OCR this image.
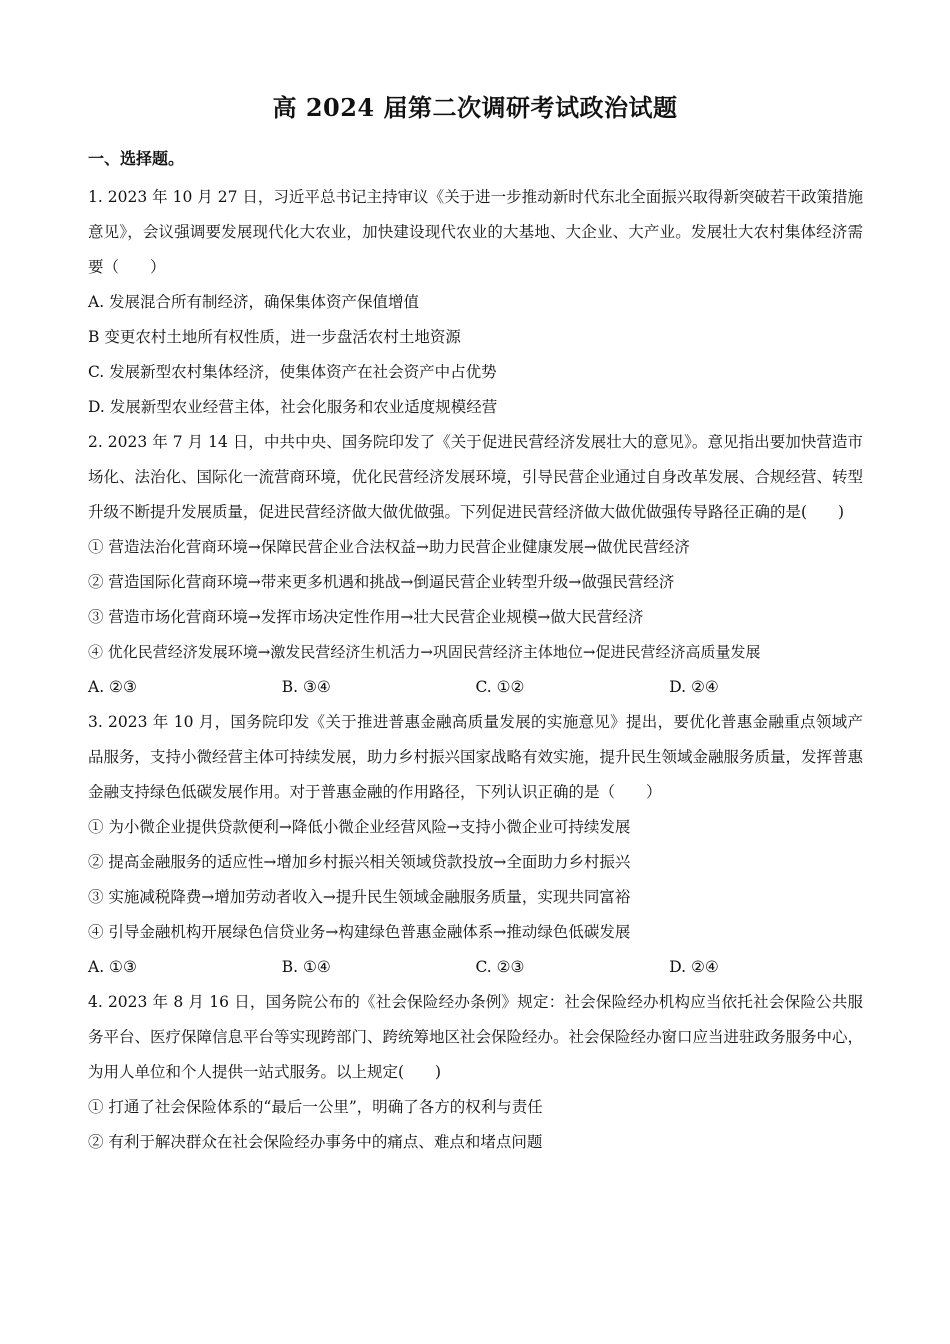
高 2024 届第二次调研考试政治试题
一、选择题。

1. 2023 年 10 月 27 日，习近平总书记主持审议《关于进一步推动新时代东北全面振兴取得新突破若干政策措施　意见》，会议强调要发展现代化大农业，加快建设现代农业的大基地、大企业、大产业。发展壮大农村集体经济需要（　　）

A. 发展混合所有制经济，确保集体资产保值增值

B 变更农村土地所有权性质，进一步盘活农村土地资源

C. 发展新型农村集体经济，使集体资产在社会资产中占优势

D. 发展新型农业经营主体，社会化服务和农业适度规模经营

2. 2023 年 7 月 14 日，中共中央、国务院印发了《关于促进民营经济发展壮大的意见》。意见指出要加快营造市场化、法治化、国际化一流营商环境，优化民营经济发展环境，引导民营企业通过自身改革发展、合规经营、转型升级不断提升发展质量，促进民营经济做大做优做强。下列促进民营经济做大做优做强传导路径正确的是(　　)

① 营造法治化营商环境→保障民营企业合法权益→助力民营企业健康发展→做优民营经济

② 营造国际化营商环境→带来更多机遇和挑战→倒逼民营企业转型升级→做强民营经济

③ 营造市场化营商环境→发挥市场决定性作用→壮大民营企业规模→做大民营经济

④ 优化民营经济发展环境→激发民营经济生机活力→巩固民营经济主体地位→促进民营经济高质量发展

A. ②③	B. ③④	C. ①②	D. ②④

3. 2023 年 10 月，国务院印发《关于推进普惠金融高质量发展的实施意见》提出，要优化普惠金融重点领域产品服务，支持小微经营主体可持续发展，助力乡村振兴国家战略有效实施，提升民生领域金融服务质量，发挥普惠金融支持绿色低碳发展作用。对于普惠金融的作用路径，下列认识正确的是（　　）

① 为小微企业提供贷款便利→降低小微企业经营风险→支持小微企业可持续发展

② 提高金融服务的适应性→增加乡村振兴相关领域贷款投放→全面助力乡村振兴

③ 实施减税降费→增加劳动者收入→提升民生领域金融服务质量，实现共同富裕

④ 引导金融机构开展绿色信贷业务→构建绿色普惠金融体系→推动绿色低碳发展

A. ①③	B. ①④	C. ②③	D. ②④

4. 2023 年 8 月 16 日，国务院公布的《社会保险经办条例》规定：社会保险经办机构应当依托社会保险公共服务平台、医疗保障信息平台等实现跨部门、跨统筹地区社会保险经办。社会保险经办窗口应当进驻政务服务中心，为用人单位和个人提供一站式服务。以上规定(　　)

① 打通了社会保险体系的“最后一公里”，明确了各方的权利与责任

② 有利于解决群众在社会保险经办事务中的痛点、难点和堵点问题
